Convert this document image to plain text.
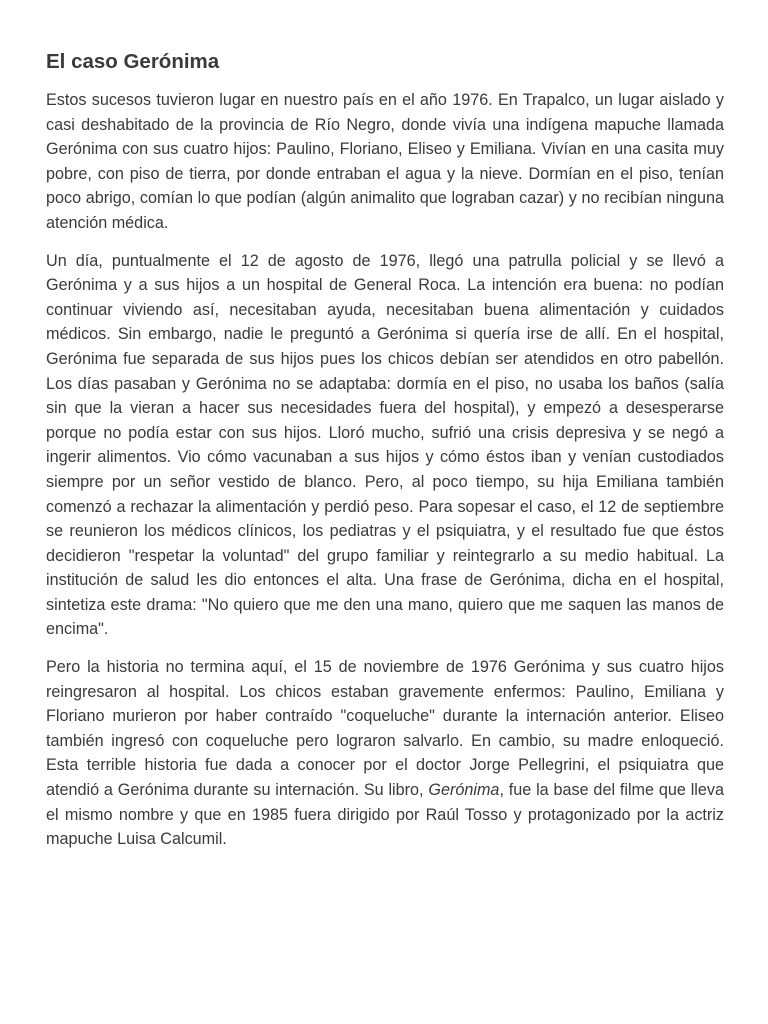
El caso Gerónima

Estos sucesos tuvieron lugar en nuestro país en el año 1976. En Trapalco, un lugar aislado y casi deshabitado de la provincia de Río Negro, donde vivía una indígena mapuche llamada Gerónima con sus cuatro hijos: Paulino, Floriano, Eliseo y Emiliana. Vivían en una casita muy pobre, con piso de tierra, por donde entraban el agua y la nieve. Dormían en el piso, tenían poco abrigo, comían lo que podían (algún animalito que lograban cazar) y no recibían ninguna atención médica.

Un día, puntualmente el 12 de agosto de 1976, llegó una patrulla policial y se llevó a Gerónima y a sus hijos a un hospital de General Roca. La intención era buena: no podían continuar viviendo así, necesitaban ayuda, necesitaban buena alimentación y cuidados médicos. Sin embargo, nadie le preguntó a Gerónima si quería irse de allí. En el hospital, Gerónima fue separada de sus hijos pues los chicos debían ser atendidos en otro pabellón. Los días pasaban y Gerónima no se adaptaba: dormía en el piso, no usaba los baños (salía sin que la vieran a hacer sus necesidades fuera del hospital), y empezó a desesperarse porque no podía estar con sus hijos. Lloró mucho, sufrió una crisis depresiva y se negó a ingerir alimentos. Vio cómo vacunaban a sus hijos y cómo éstos iban y venían custodiados siempre por un señor vestido de blanco. Pero, al poco tiempo, su hija Emiliana también comenzó a rechazar la alimentación y perdió peso. Para sopesar el caso, el 12 de septiembre se reunieron los médicos clínicos, los pediatras y el psiquiatra, y el resultado fue que éstos decidieron "respetar la voluntad" del grupo familiar y reintegrarlo a su medio habitual. La institución de salud les dio entonces el alta. Una frase de Gerónima, dicha en el hospital, sintetiza este drama: "No quiero que me den una mano, quiero que me saquen las manos de encima".

Pero la historia no termina aquí, el 15 de noviembre de 1976 Gerónima y sus cuatro hijos reingresaron al hospital. Los chicos estaban gravemente enfermos: Paulino, Emiliana y Floriano murieron por haber contraído "coqueluche" durante la internación anterior. Eliseo también ingresó con coqueluche pero lograron salvarlo. En cambio, su madre enloqueció. Esta terrible historia fue dada a conocer por el doctor Jorge Pellegrini, el psiquiatra que atendió a Gerónima durante su internación. Su libro, Gerónima, fue la base del filme que lleva el mismo nombre y que en 1985 fuera dirigido por Raúl Tosso y protagonizado por la actriz mapuche Luisa Calcumil.
